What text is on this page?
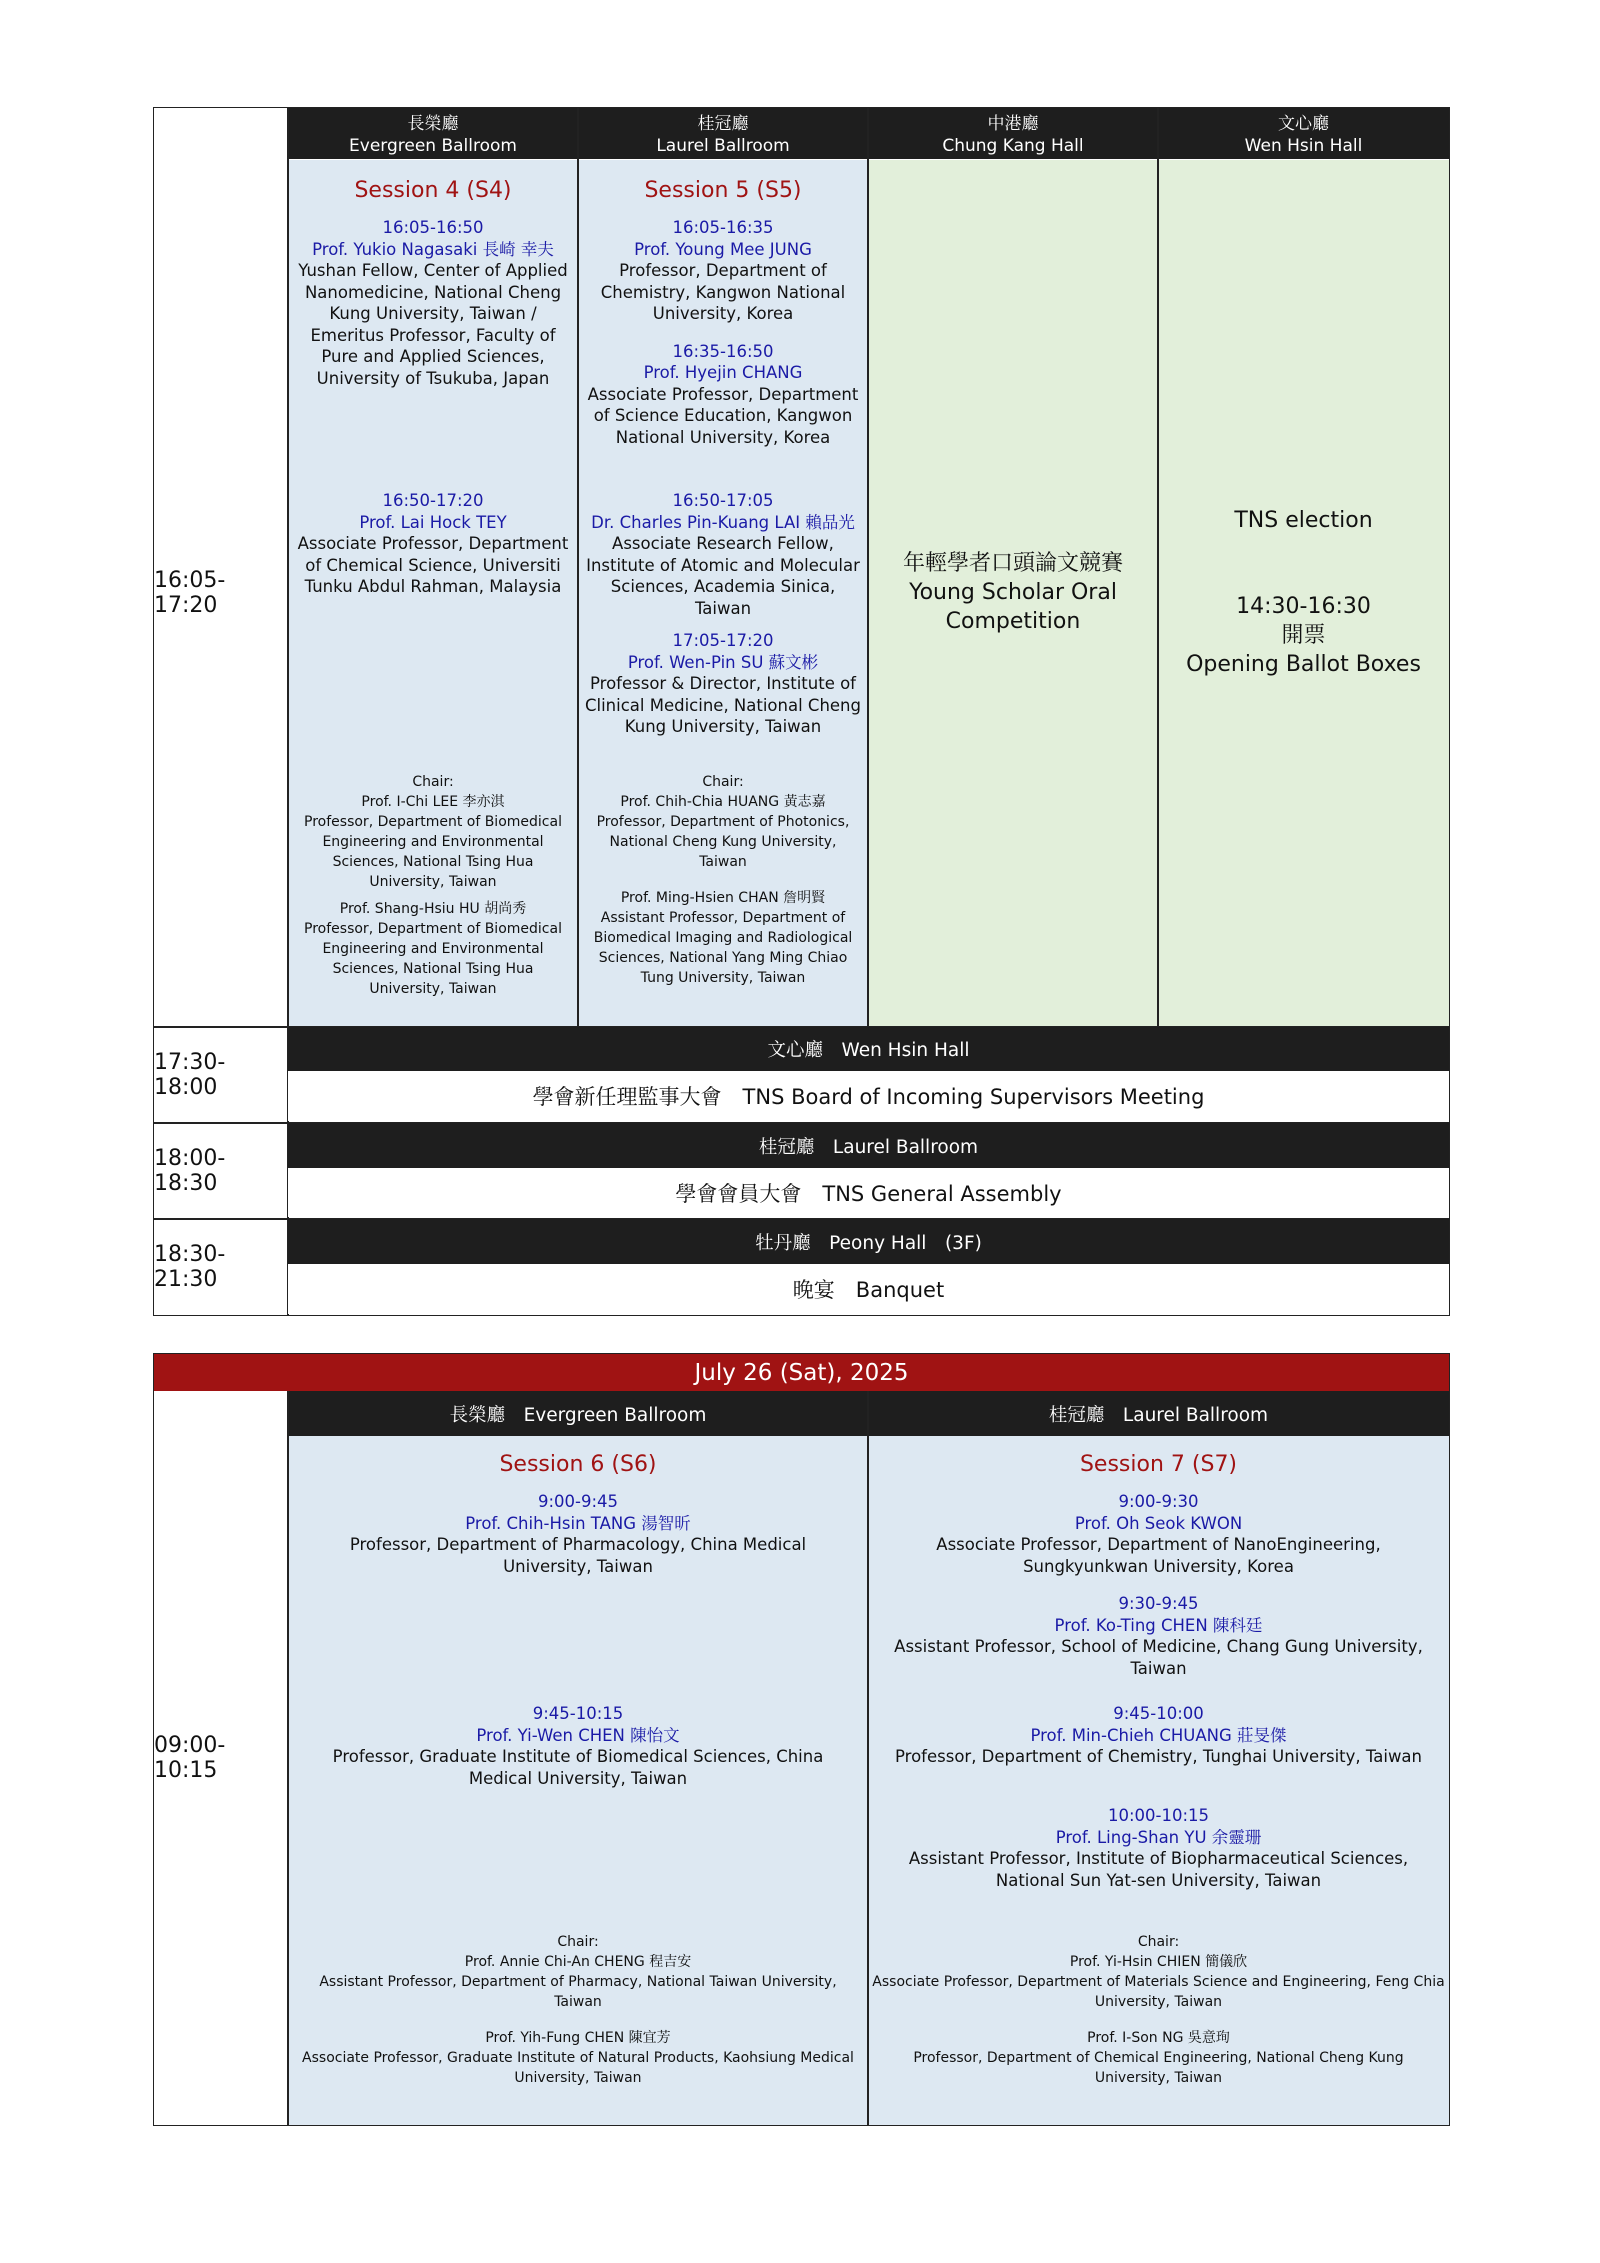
長榮廳
Evergreen Ballroom
桂冠廳
Laurel Ballroom
中港廳
Chung Kang Hall
文心廳
Wen Hsin Hall
16:05-17:20
Session 4 (S4)
16:05-16:50
Prof. Yukio Nagasaki 長崎 幸夫
Yushan Fellow, Center of Applied Nanomedicine, National Cheng Kung University, Taiwan / Emeritus Professor, Faculty of Pure and Applied Sciences, University of Tsukuba, Japan
16:50-17:20
Prof. Lai Hock TEY
Associate Professor, Department of Chemical Science, Universiti Tunku Abdul Rahman, Malaysia
Chair:
Prof. I-Chi LEE 李亦淇
Professor, Department of Biomedical Engineering and Environmental Sciences, National Tsing Hua University, Taiwan
Prof. Shang-Hsiu HU 胡尚秀
Professor, Department of Biomedical Engineering and Environmental Sciences, National Tsing Hua University, Taiwan
Session 5 (S5)
16:05-16:35
Prof. Young Mee JUNG
Professor, Department of Chemistry, Kangwon National University, Korea
16:35-16:50
Prof. Hyejin CHANG
Associate Professor, Department of Science Education, Kangwon National University, Korea
16:50-17:05
Dr. Charles Pin-Kuang LAI 賴品光
Associate Research Fellow, Institute of Atomic and Molecular Sciences, Academia Sinica, Taiwan
17:05-17:20
Prof. Wen-Pin SU 蘇文彬
Professor & Director, Institute of Clinical Medicine, National Cheng Kung University, Taiwan
Chair:
Prof. Chih-Chia HUANG 黃志嘉
Professor, Department of Photonics, National Cheng Kung University, Taiwan
Prof. Ming-Hsien CHAN 詹明賢
Assistant Professor, Department of Biomedical Imaging and Radiological Sciences, National Yang Ming Chiao Tung University, Taiwan
年輕學者口頭論文競賽
Young Scholar Oral
Competition
TNS election
14:30-16:30
開票
Opening Ballot Boxes
17:30-18:00
文心廳　Wen Hsin Hall
學會新任理監事大會　TNS Board of Incoming Supervisors Meeting
18:00-18:30
桂冠廳　Laurel Ballroom
學會會員大會　TNS General Assembly
18:30-21:30
牡丹廳　Peony Hall　(3F)
晚宴　Banquet
July 26 (Sat), 2025
長榮廳　Evergreen Ballroom	桂冠廳　Laurel Ballroom
09:00-10:15
Session 6 (S6)
9:00-9:45
Prof. Chih-Hsin TANG 湯智昕
Professor, Department of Pharmacology, China Medical University, Taiwan
9:45-10:15
Prof. Yi-Wen CHEN 陳怡文
Professor, Graduate Institute of Biomedical Sciences, China Medical University, Taiwan
Chair:
Prof. Annie Chi-An CHENG 程吉安
Assistant Professor, Department of Pharmacy, National Taiwan University, Taiwan
Prof. Yih-Fung CHEN 陳宜芳
Associate Professor, Graduate Institute of Natural Products, Kaohsiung Medical University, Taiwan
Session 7 (S7)
9:00-9:30
Prof. Oh Seok KWON
Associate Professor, Department of NanoEngineering, Sungkyunkwan University, Korea
9:30-9:45
Prof. Ko-Ting CHEN 陳科廷
Assistant Professor, School of Medicine, Chang Gung University, Taiwan
9:45-10:00
Prof. Min-Chieh CHUANG 莊旻傑
Professor, Department of Chemistry, Tunghai University, Taiwan
10:00-10:15
Prof. Ling-Shan YU 余靈珊
Assistant Professor, Institute of Biopharmaceutical Sciences, National Sun Yat-sen University, Taiwan
Chair:
Prof. Yi-Hsin CHIEN 簡儀欣
Associate Professor, Department of Materials Science and Engineering, Feng Chia University, Taiwan
Prof. I-Son NG 吳意珣
Professor, Department of Chemical Engineering, National Cheng Kung University, Taiwan
